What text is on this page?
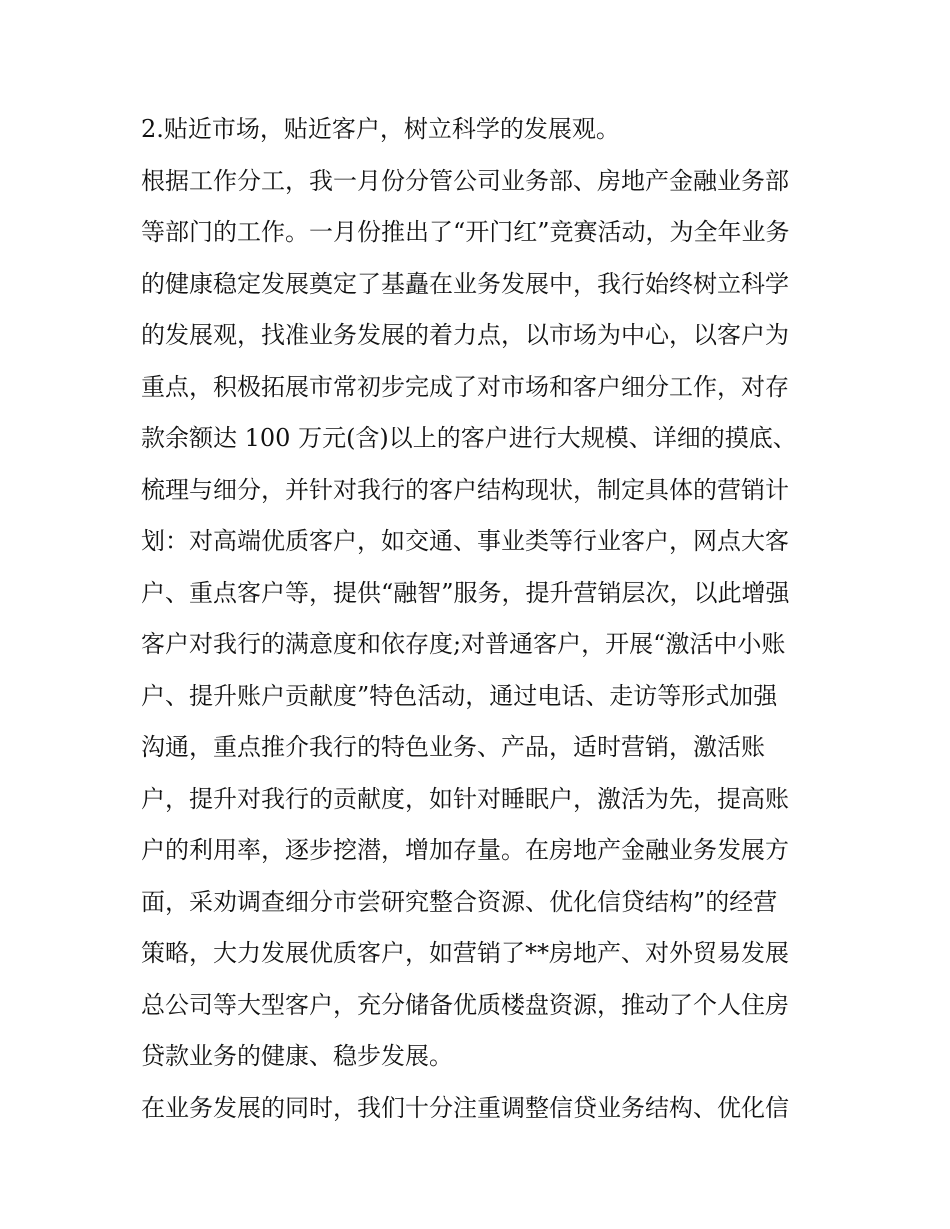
2.贴近市场，贴近客户，树立科学的发展观。
根据工作分工，我一月份分管公司业务部、房地产金融业务部
等部门的工作。一月份推出了“开门红”竞赛活动，为全年业务
的健康稳定发展奠定了基矗在业务发展中，我行始终树立科学
的发展观，找准业务发展的着力点，以市场为中心，以客户为
重点，积极拓展市常初步完成了对市场和客户细分工作，对存
款余额达 100 万元(含)以上的客户进行大规模、详细的摸底、
梳理与细分，并针对我行的客户结构现状，制定具体的营销计
划：对高端优质客户，如交通、事业类等行业客户，网点大客
户、重点客户等，提供“融智”服务，提升营销层次，以此增强
客户对我行的满意度和依存度;对普通客户，开展“激活中小账
户、提升账户贡献度”特色活动，通过电话、走访等形式加强
沟通，重点推介我行的特色业务、产品，适时营销，激活账
户，提升对我行的贡献度，如针对睡眠户，激活为先，提高账
户的利用率，逐步挖潜，增加存量。在房地产金融业务发展方
面，采劝调查细分市尝研究整合资源、优化信贷结构”的经营
策略，大力发展优质客户，如营销了**房地产、对外贸易发展
总公司等大型客户，充分储备优质楼盘资源，推动了个人住房
贷款业务的健康、稳步发展。
在业务发展的同时，我们十分注重调整信贷业务结构、优化信
